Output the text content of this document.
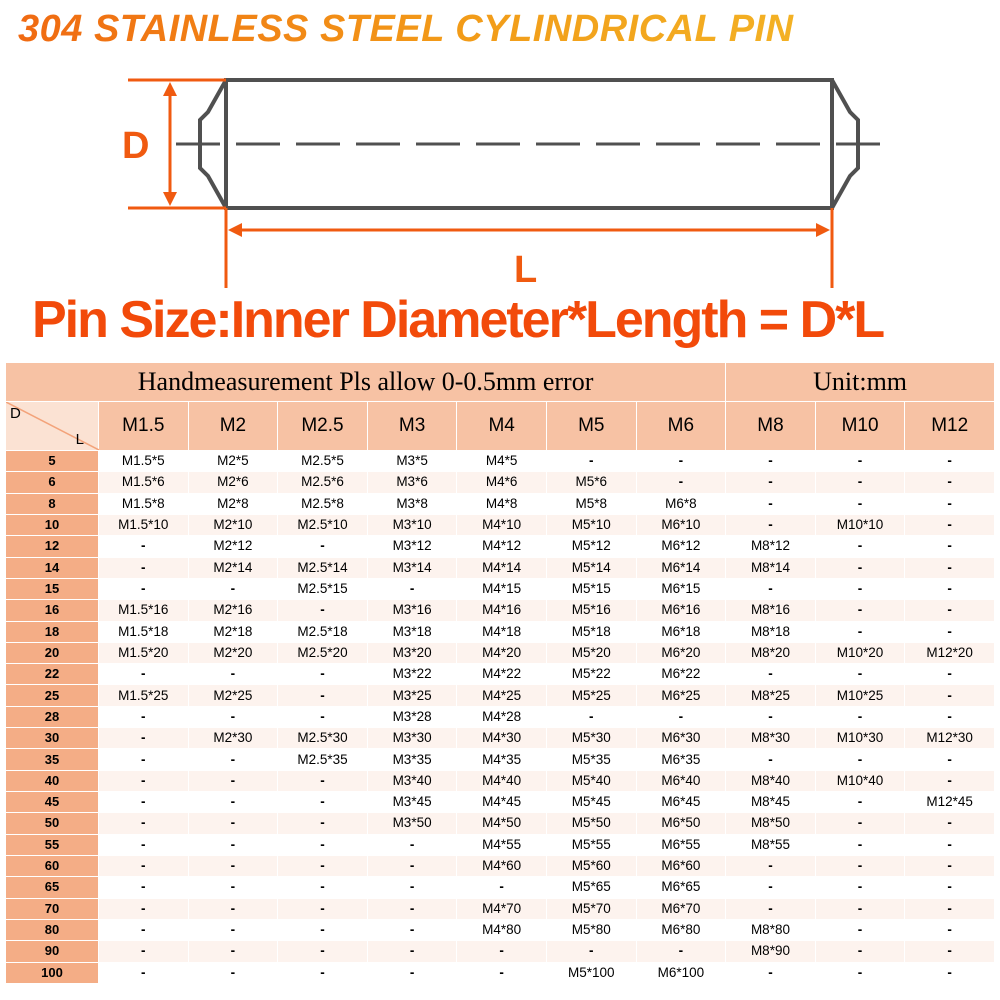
304 STAINLESS STEEL CYLINDRICAL PIN
D
L
Pin Size:Inner Diameter*Length = D*L
Handmeasurement Pls allow 0-0.5mm error								Unit:mm		

D
L	M1.5	M2	M2.5	M3	M4	M5	M6	M8	M10	M12
5	M1.5*5	M2*5	M2.5*5	M3*5	M4*5	-	-	-	-	-
6	M1.5*6	M2*6	M2.5*6	M3*6	M4*6	M5*6	-	-	-	-
8	M1.5*8	M2*8	M2.5*8	M3*8	M4*8	M5*8	M6*8	-	-	-
10	M1.5*10	M2*10	M2.5*10	M3*10	M4*10	M5*10	M6*10	-	M10*10	-
12	-	M2*12	-	M3*12	M4*12	M5*12	M6*12	M8*12	-	-
14	-	M2*14	M2.5*14	M3*14	M4*14	M5*14	M6*14	M8*14	-	-
15	-	-	M2.5*15	-	M4*15	M5*15	M6*15	-	-	-
16	M1.5*16	M2*16	-	M3*16	M4*16	M5*16	M6*16	M8*16	-	-
18	M1.5*18	M2*18	M2.5*18	M3*18	M4*18	M5*18	M6*18	M8*18	-	-
20	M1.5*20	M2*20	M2.5*20	M3*20	M4*20	M5*20	M6*20	M8*20	M10*20	M12*20
22	-	-	-	M3*22	M4*22	M5*22	M6*22	-	-	-
25	M1.5*25	M2*25	-	M3*25	M4*25	M5*25	M6*25	M8*25	M10*25	-
28	-	-	-	M3*28	M4*28	-	-	-	-	-
30	-	M2*30	M2.5*30	M3*30	M4*30	M5*30	M6*30	M8*30	M10*30	M12*30
35	-	-	M2.5*35	M3*35	M4*35	M5*35	M6*35	-	-	-
40	-	-	-	M3*40	M4*40	M5*40	M6*40	M8*40	M10*40	-
45	-	-	-	M3*45	M4*45	M5*45	M6*45	M8*45	-	M12*45
50	-	-	-	M3*50	M4*50	M5*50	M6*50	M8*50	-	-
55	-	-	-	-	M4*55	M5*55	M6*55	M8*55	-	-
60	-	-	-	-	M4*60	M5*60	M6*60	-	-	-
65	-	-	-	-	-	M5*65	M6*65	-	-	-
70	-	-	-	-	M4*70	M5*70	M6*70	-	-	-
80	-	-	-	-	M4*80	M5*80	M6*80	M8*80	-	-
90	-	-	-	-	-	-	-	M8*90	-	-
100	-	-	-	-	-	M5*100	M6*100	-	-	-
